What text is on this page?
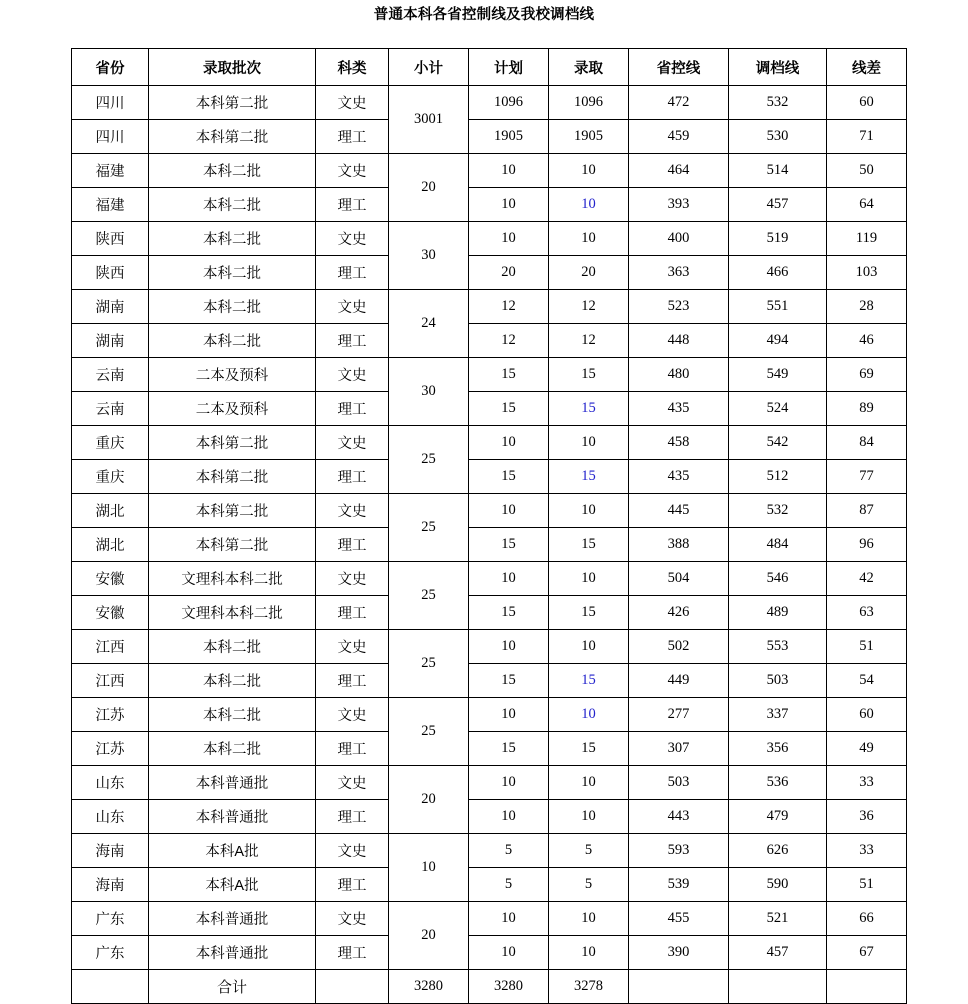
普通本科各省控制线及我校调档线
省份	录取批次	科类	小计	计划	录取	省控线	调档线	线差
四川	本科第二批	文史	3001	1096	1096	472	532	60
四川	本科第二批	理工		1905	1905	459	530	71
福建	本科二批	文史	20	10	10	464	514	50
福建	本科二批	理工		10	10	393	457	64
陕西	本科二批	文史	30	10	10	400	519	119
陕西	本科二批	理工		20	20	363	466	103
湖南	本科二批	文史	24	12	12	523	551	28
湖南	本科二批	理工		12	12	448	494	46
云南	二本及预科	文史	30	15	15	480	549	69
云南	二本及预科	理工		15	15	435	524	89
重庆	本科第二批	文史	25	10	10	458	542	84
重庆	本科第二批	理工		15	15	435	512	77
湖北	本科第二批	文史	25	10	10	445	532	87
湖北	本科第二批	理工		15	15	388	484	96
安徽	文理科本科二批	文史	25	10	10	504	546	42
安徽	文理科本科二批	理工		15	15	426	489	63
江西	本科二批	文史	25	10	10	502	553	51
江西	本科二批	理工		15	15	449	503	54
江苏	本科二批	文史	25	10	10	277	337	60
江苏	本科二批	理工		15	15	307	356	49
山东	本科普通批	文史	20	10	10	503	536	33
山东	本科普通批	理工		10	10	443	479	36
海南	本科A批	文史	10	5	5	593	626	33
海南	本科A批	理工		5	5	539	590	51
广东	本科普通批	文史	20	10	10	455	521	66
广东	本科普通批	理工		10	10	390	457	67
	合计		3280	3280	3278			
